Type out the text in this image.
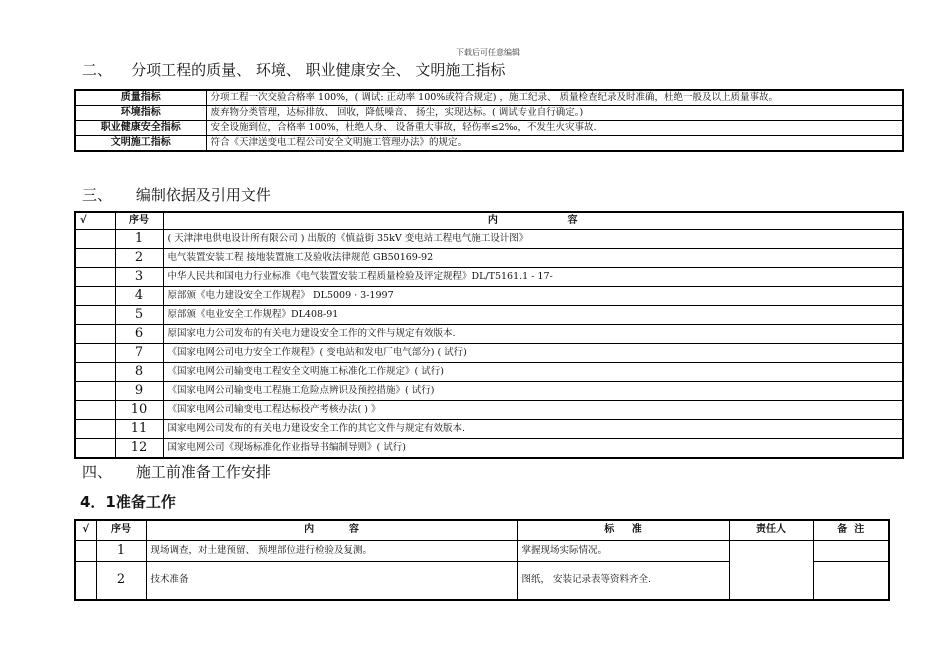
下载后可任意编辑
二、    分项工程的质量、 环境、 职业健康安全、 文明施工指标
质量指标	分项工程一次交验合格率 100%，( 调试: 正动率 100%或符合规定) ，施工纪录、 质量检查纪录及时准确，杜绝一般及以上质量事故。
环境指标	废弃物分类管理，达标排放、 回收，降低噪音、 扬尘，实现达标。( 调试专业自行确定。)
职业健康安全指标	安全设施到位，合格率 100%，杜绝人身、 设备重大事故，轻伤率≤2‰，不发生火灾事故.
文明施工指标	符合《天津送变电工程公司安全文明施工管理办法》的规定。
三、     编制依据及引用文件
√	序号	内                    容
	1	( 天津津电供电设计所有限公司 ) 出版的《慎益街 35kV 变电站工程电气施工设计图》
	2	电气装置安装工程 接地装置施工及验收法律规范 GB50169-92
	3	中华人民共和国电力行业标准《电气装置安装工程质量检验及评定规程》DL/T5161.1 - 17-
	4	原部颁《电力建设安全工作规程》 DL5009 · 3-1997
	5	原部颁《电业安全工作规程》DL408-91
	6	原国家电力公司发布的有关电力建设安全工作的文件与规定有效版本.
	7	《国家电网公司电力安全工作规程》( 变电站和发电厂电气部分) ( 试行)
	8	《国家电网公司输变电工程安全文明施工标准化工作规定》( 试行)
	9	《国家电网公司输变电工程施工危险点辨识及预控措施》( 试行)
	10	《国家电网公司输变电工程达标投产考核办法( ) 》
	11	国家电网公司发布的有关电力建设安全工作的其它文件与规定有效版本.
	12	国家电网公司《现场标准化作业指导书编制导则》( 试行)
四、     施工前准备工作安排
4．1准备工作
√	序号	内          容	标     准	责任人	备  注
	1	现场调查，对土建预留、 预埋部位进行检验及复测。	掌握现场实际情况。		
	2	技术准备	图纸， 安装记录表等资料齐全.		
